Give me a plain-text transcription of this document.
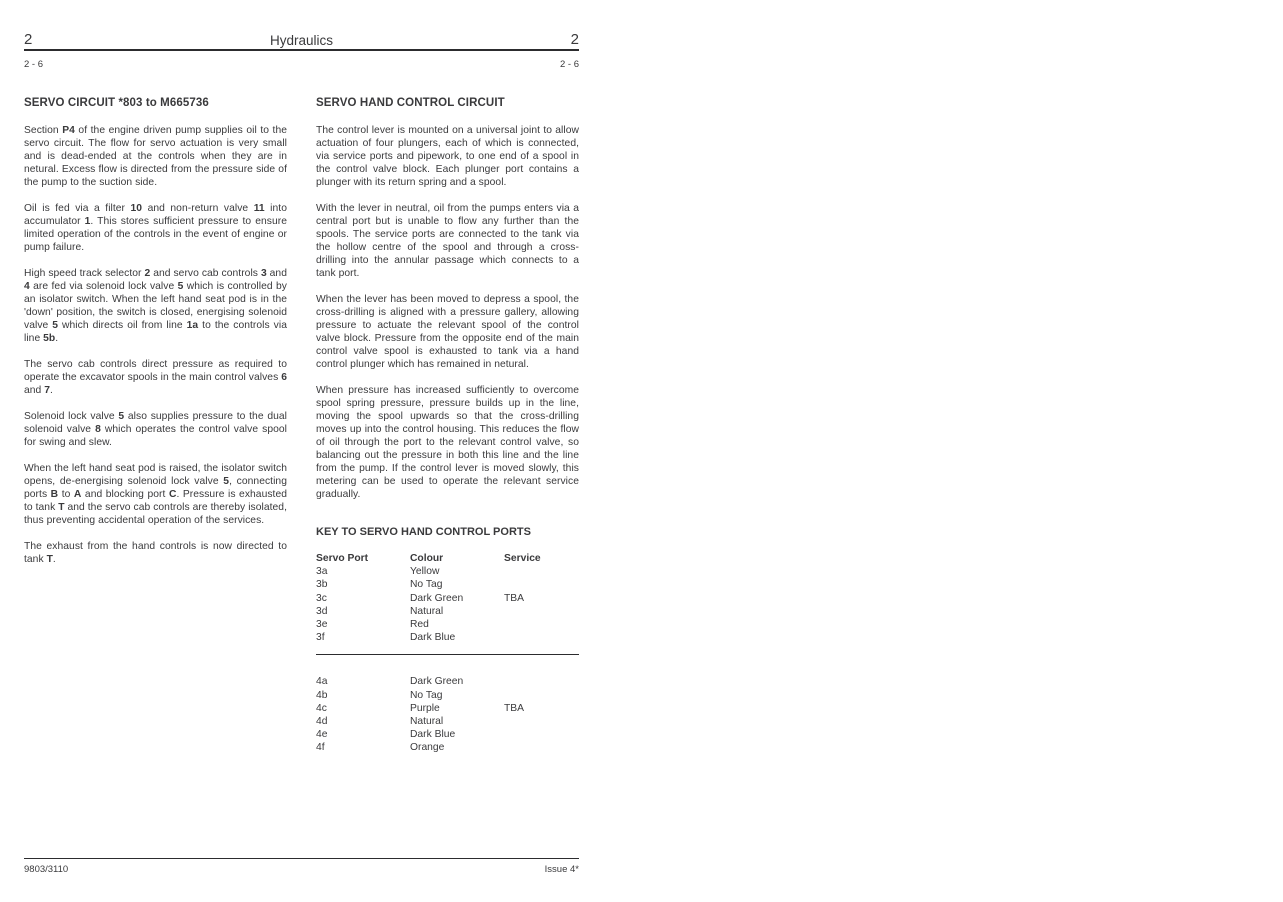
2	Hydraulics	2
2 - 6	2 - 6
SERVO CIRCUIT *803 to M665736

Section P4 of the engine driven pump supplies oil to the servo circuit. The flow for servo actuation is very small and is dead-ended at the controls when they are in netural. Excess flow is directed from the pressure side of the pump to the suction side.

Oil is fed via a filter 10 and non-return valve 11 into accumulator 1. This stores sufficient pressure to ensure limited operation of the controls in the event of engine or pump failure.

High speed track selector 2 and servo cab controls 3 and 4 are fed via solenoid lock valve 5 which is controlled by an isolator switch. When the left hand seat pod is in the 'down' position, the switch is closed, energising solenoid valve 5 which directs oil from line 1a to the controls via line 5b.

The servo cab controls direct pressure as required to operate the excavator spools in the main control valves 6 and 7.

Solenoid lock valve 5 also supplies pressure to the dual solenoid valve 8 which operates the control valve spool for swing and slew.

When the left hand seat pod is raised, the isolator switch opens, de-energising solenoid lock valve 5, connecting ports B to A and blocking port C. Pressure is exhausted to tank T and the servo cab controls are thereby isolated, thus preventing accidental operation of the services.

The exhaust from the hand controls is now directed to tank T.

SERVO HAND CONTROL CIRCUIT

The control lever is mounted on a universal joint to allow actuation of four plungers, each of which is connected, via service ports and pipework, to one end of a spool in the control valve block. Each plunger port contains a plunger with its return spring and a spool.

With the lever in neutral, oil from the pumps enters via a central port but is unable to flow any further than the spools. The service ports are connected to the tank via the hollow centre of the spool and through a cross-drilling into the annular passage which connects to a tank port.

When the lever has been moved to depress a spool, the cross-drilling is aligned with a pressure gallery, allowing pressure to actuate the relevant spool of the control valve block. Pressure from the opposite end of the main control valve spool is exhausted to tank via a hand control plunger which has remained in netural.

When pressure has increased sufficiently to overcome spool spring pressure, pressure builds up in the line, moving the spool upwards so that the cross-drilling moves up into the control housing. This reduces the flow of oil through the port to the relevant control valve, so balancing out the pressure in both this line and the line from the pump. If the control lever is moved slowly, this metering can be used to operate the relevant service gradually.

KEY TO SERVO HAND CONTROL PORTS
Servo Port	Colour	Service
3a	Yellow
3b	No Tag
3c	Dark Green	TBA
3d	Natural
3e	Red
3f	Dark Blue
4a	Dark Green
4b	No Tag
4c	Purple	TBA
4d	Natural
4e	Dark Blue
4f	Orange
9803/3110	Issue 4*
